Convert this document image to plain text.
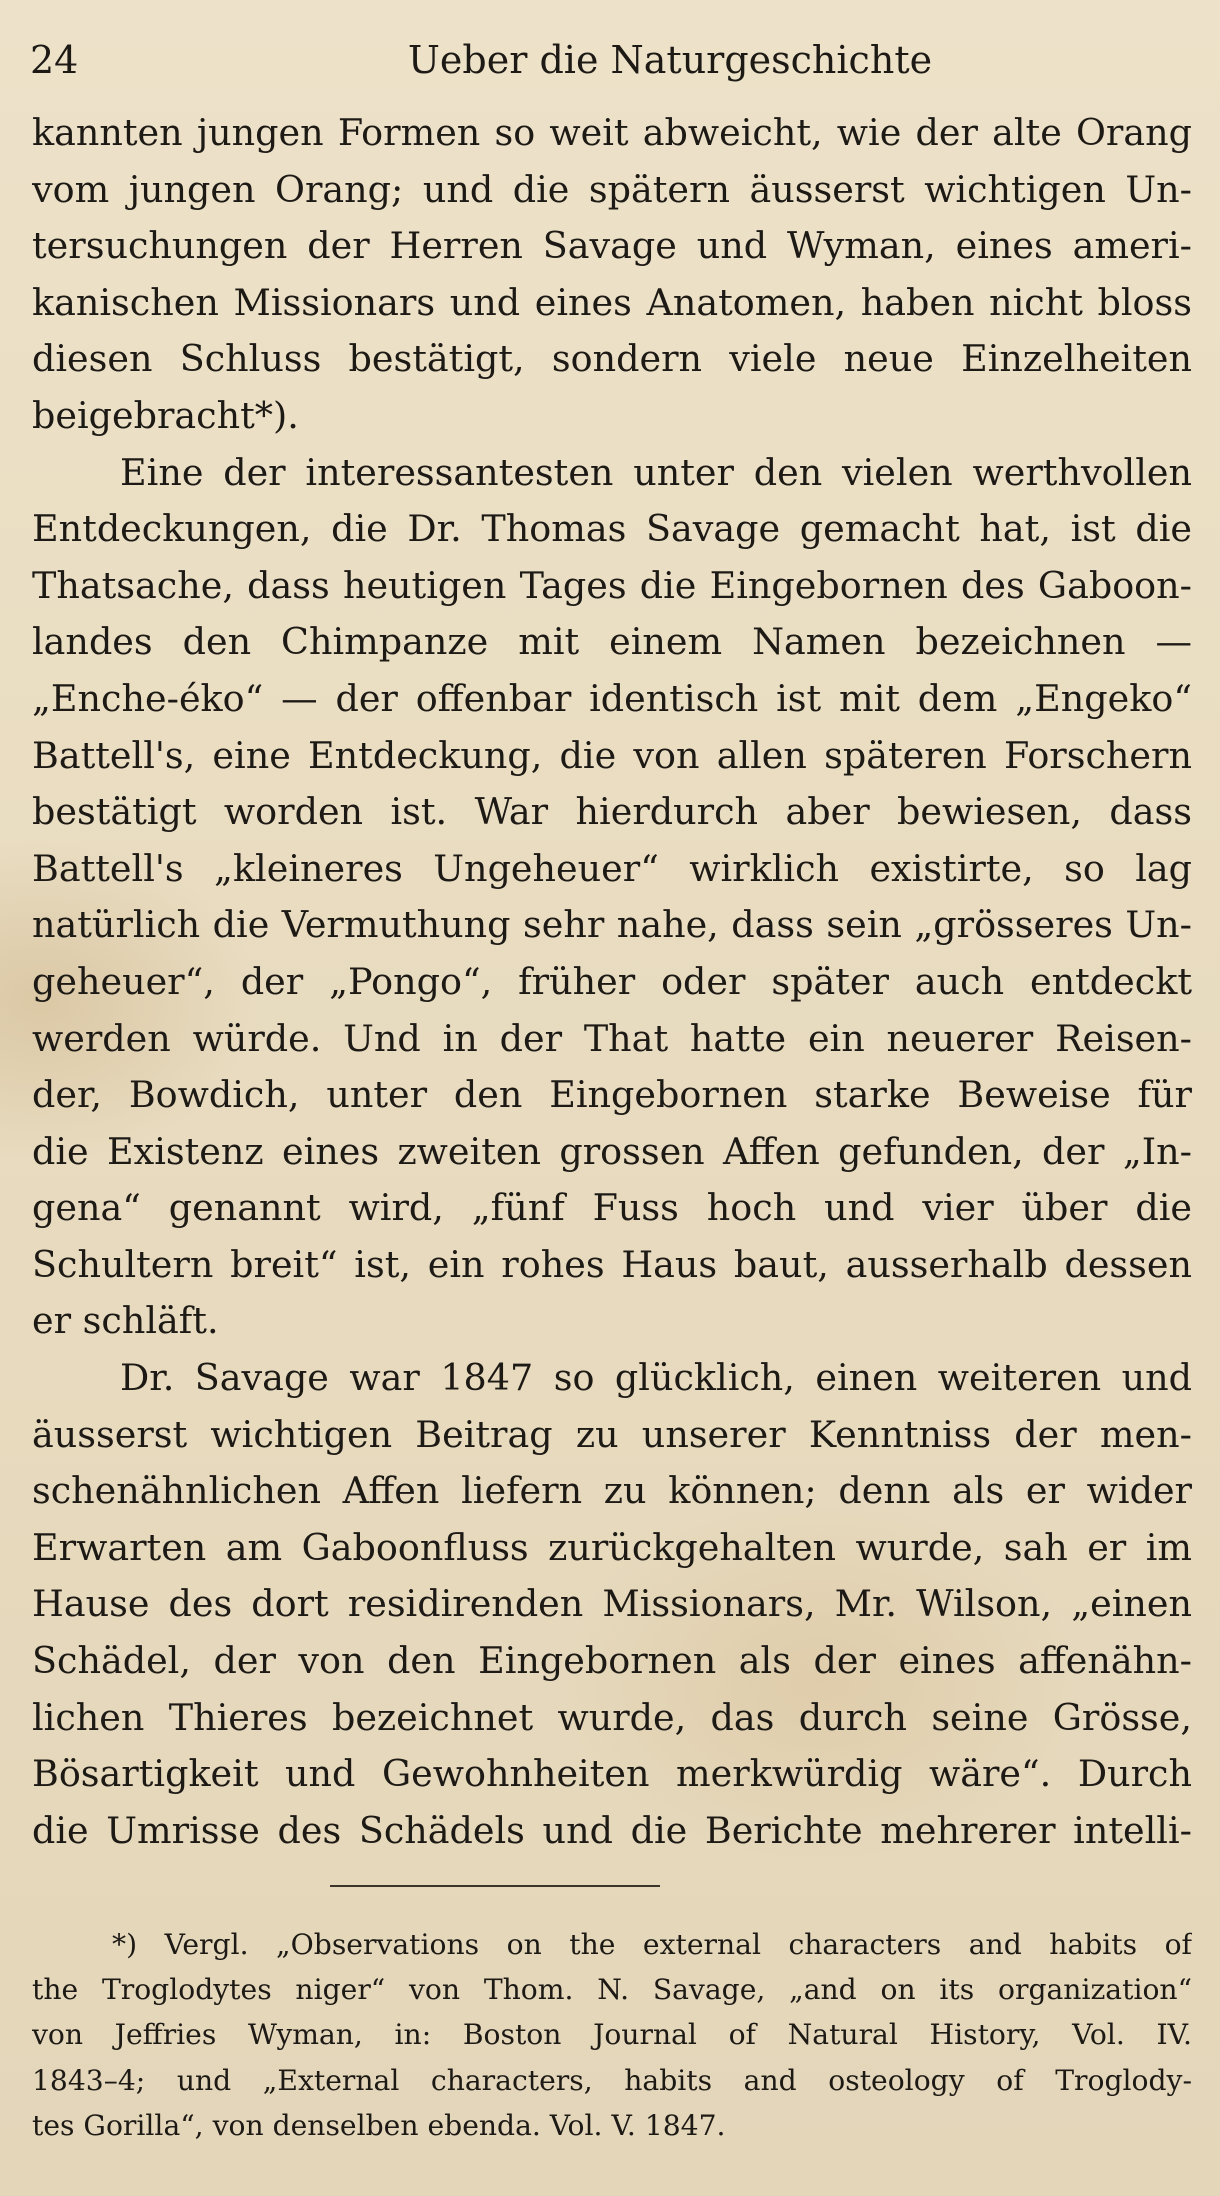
24	Ueber die Naturgeschichte
kannten jungen Formen so weit abweicht, wie der alte Orang
vom jungen Orang; und die spätern äusserst wichtigen Un-
tersuchungen der Herren Savage und Wyman, eines ameri-
kanischen Missionars und eines Anatomen, haben nicht bloss
diesen Schluss bestätigt, sondern viele neue Einzelheiten
beigebracht*).
Eine der interessantesten unter den vielen werthvollen
Entdeckungen, die Dr. Thomas Savage gemacht hat, ist die
Thatsache, dass heutigen Tages die Eingebornen des Gaboon-
landes den Chimpanze mit einem Namen bezeichnen —
„Enche-éko“ — der offenbar identisch ist mit dem „Engeko“
Battell's, eine Entdeckung, die von allen späteren Forschern
bestätigt worden ist. War hierdurch aber bewiesen, dass
Battell's „kleineres Ungeheuer“ wirklich existirte, so lag
natürlich die Vermuthung sehr nahe, dass sein „grösseres Un-
geheuer“, der „Pongo“, früher oder später auch entdeckt
werden würde. Und in der That hatte ein neuerer Reisen-
der, Bowdich, unter den Eingebornen starke Beweise für
die Existenz eines zweiten grossen Affen gefunden, der „In-
gena“ genannt wird, „fünf Fuss hoch und vier über die
Schultern breit“ ist, ein rohes Haus baut, ausserhalb dessen
er schläft.
Dr. Savage war 1847 so glücklich, einen weiteren und
äusserst wichtigen Beitrag zu unserer Kenntniss der men-
schenähnlichen Affen liefern zu können; denn als er wider
Erwarten am Gaboonfluss zurückgehalten wurde, sah er im
Hause des dort residirenden Missionars, Mr. Wilson, „einen
Schädel, der von den Eingebornen als der eines affenähn-
lichen Thieres bezeichnet wurde, das durch seine Grösse,
Bösartigkeit und Gewohnheiten merkwürdig wäre“. Durch
die Umrisse des Schädels und die Berichte mehrerer intelli-
*) Vergl. „Observations on the external characters and habits of
the Troglodytes niger“ von Thom. N. Savage, „and on its organization“
von Jeffries Wyman, in: Boston Journal of Natural History, Vol. IV.
1843–4; und „External characters, habits and osteology of Troglody-
tes Gorilla“, von denselben ebenda. Vol. V. 1847.
